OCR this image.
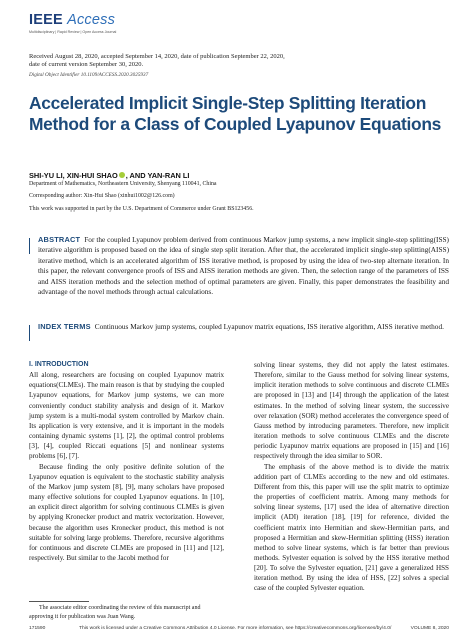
IEEE Access
Multidisciplinary | Rapid Review | Open Access Journal
Received August 28, 2020, accepted September 14, 2020, date of publication September 22, 2020,
date of current version September 30, 2020.
Digital Object Identifier 10.1109/ACCESS.2020.3025937
Accelerated Implicit Single-Step Splitting Iteration Method for a Class of Coupled Lyapunov Equations
SHI-YU LI, XIN-HUI SHAO , AND YAN-RAN LI
Department of Mathematics, Northeastern University, Shenyang 110041, China
Corresponding author: Xin-Hui Shao (xinhui1002@126.com)
This work was supported in part by the U.S. Department of Commerce under Grant BS123456.
ABSTRACT For the coupled Lyapunov problem derived from continuous Markov jump systems, a new implicit single-step splitting(ISS) iterative algorithm is proposed based on the idea of single step split iteration. After that, the accelerated implicit single-step splitting(AISS) iterative method, which is an accelerated algorithm of ISS iterative method, is proposed by using the idea of two-step alternate iteration. In this paper, the relevant convergence proofs of ISS and AISS iteration methods are given. Then, the selection range of the parameters of ISS and AISS iteration methods and the selection method of optimal parameters are given. Finally, this paper demonstrates the feasibility and advantage of the novel methods through actual calculations.
INDEX TERMS Continuous Markov jump systems, coupled Lyapunov matrix equations, ISS iterative algorithm, AISS iterative method.
I. INTRODUCTION

All along, researchers are focusing on coupled Lyapunov matrix equations(CLMEs). The main reason is that by studying the coupled Lyapunov equations, for Markov jump systems, we can more conveniently conduct stability analysis and design of it. Markov jump system is a multi-modal system controlled by Markov chain. Its application is very extensive, and it is important in the models containing dynamic systems [1], [2], the optimal control problems [3], [4], coupled Riccati equations [5] and nonlinear systems problems [6], [7].

Because finding the only positive definite solution of the Lyapunov equation is equivalent to the stochastic stability analysis of the Markov jump system [8], [9], many scholars have proposed many effective solutions for coupled Lyapunov equations. In [10], an explicit direct algorithm for solving continuous CLMEs is given by applying Kronecker product and matrix vectorization. However, because the algorithm uses Kronecker product, this method is not suitable for solving large problems. Therefore, recursive algorithms for continuous and discrete CLMEs are proposed in [11] and [12], respectively. But similar to the Jacobi method for

solving linear systems, they did not apply the latest estimates. Therefore, similar to the Gauss method for solving linear systems, implicit iteration methods to solve continuous and discrete CLMEs are proposed in [13] and [14] through the application of the latest estimates. In the method of solving linear system, the successive over relaxation (SOR) method accelerates the convergence speed of Gauss method by introducing parameters. Therefore, new implicit iteration methods to solve continuous CLMEs and the discrete periodic Lyapunov matrix equations are proposed in [15] and [16] respectively through the idea similar to SOR.

The emphasis of the above method is to divide the matrix addition part of CLMEs according to the new and old estimates. Different from this, this paper will use the split matrix to optimize the properties of coefficient matrix. Among many methods for solving linear systems, [17] used the idea of alternative direction implicit (ADI) iteration [18], [19] for reference, divided the coefficient matrix into Hermitian and skew-Hermitian parts, and proposed a Hermitian and skew-Hermitian splitting (HSS) iteration method to solve linear systems, which is far better than previous methods. Sylvester equation is solved by the HSS iterative method [20]. To solve the Sylvester equation, [21] gave a generalized HSS iteration method. By using the idea of HSS, [22] solves a special case of the coupled Sylvester equation.

The associate editor coordinating the review of this manuscript and approving it for publication was Juan Wang.
171590	This work is licensed under a Creative Commons Attribution 4.0 License. For more information, see https://creativecommons.org/licenses/by/4.0/	VOLUME 8, 2020
